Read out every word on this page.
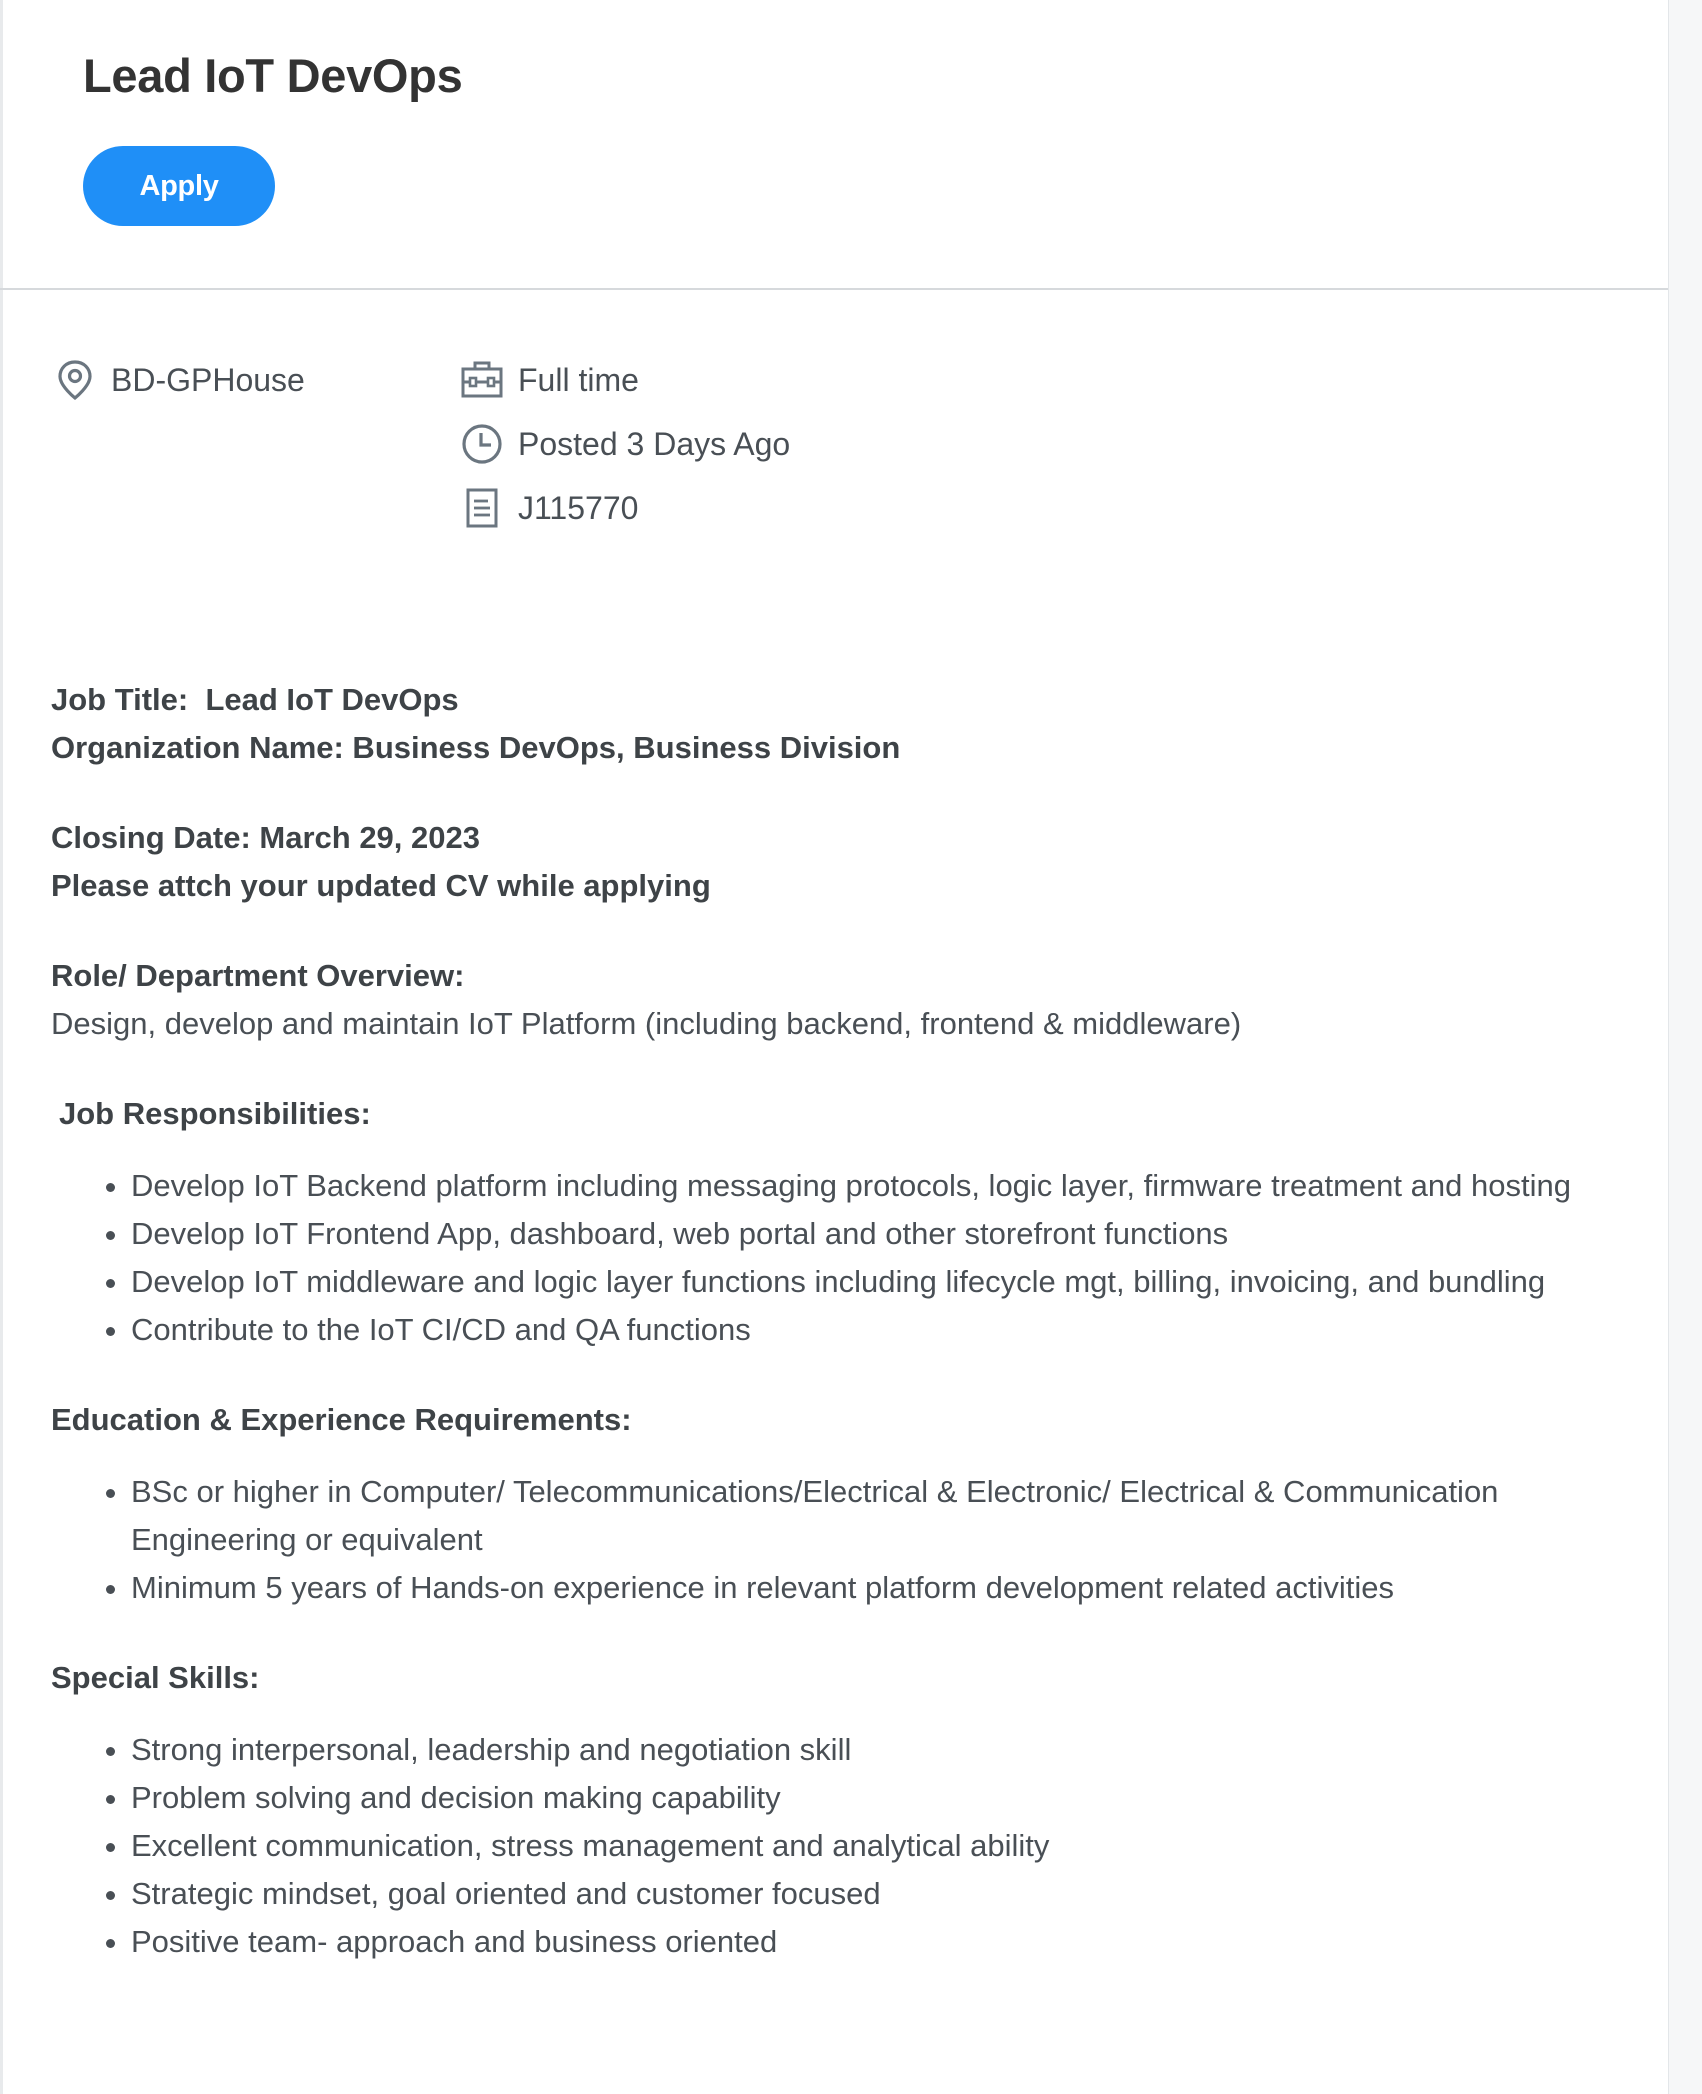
Lead IoT DevOps
Apply
BD-GPHouse	Full time
Posted 3 Days Ago
J115770

Job Title:  Lead IoT DevOps

Organization Name: Business DevOps, Business Division

Closing Date: March 29, 2023

Please attch your updated CV while applying

Role/ Department Overview:

Design, develop and maintain IoT Platform (including backend, frontend & middleware)

Job Responsibilities:

• Develop IoT Backend platform including messaging protocols, logic layer, firmware treatment and hosting
• Develop IoT Frontend App, dashboard, web portal and other storefront functions
• Develop IoT middleware and logic layer functions including lifecycle mgt, billing, invoicing, and bundling
• Contribute to the IoT CI/CD and QA functions

Education & Experience Requirements:

• BSc or higher in Computer/ Telecommunications/Electrical & Electronic/ Electrical & Communication Engineering or equivalent
• Minimum 5 years of Hands-on experience in relevant platform development related activities

Special Skills:

• Strong interpersonal, leadership and negotiation skill
• Problem solving and decision making capability
• Excellent communication, stress management and analytical ability
• Strategic mindset, goal oriented and customer focused
• Positive team- approach and business oriented
